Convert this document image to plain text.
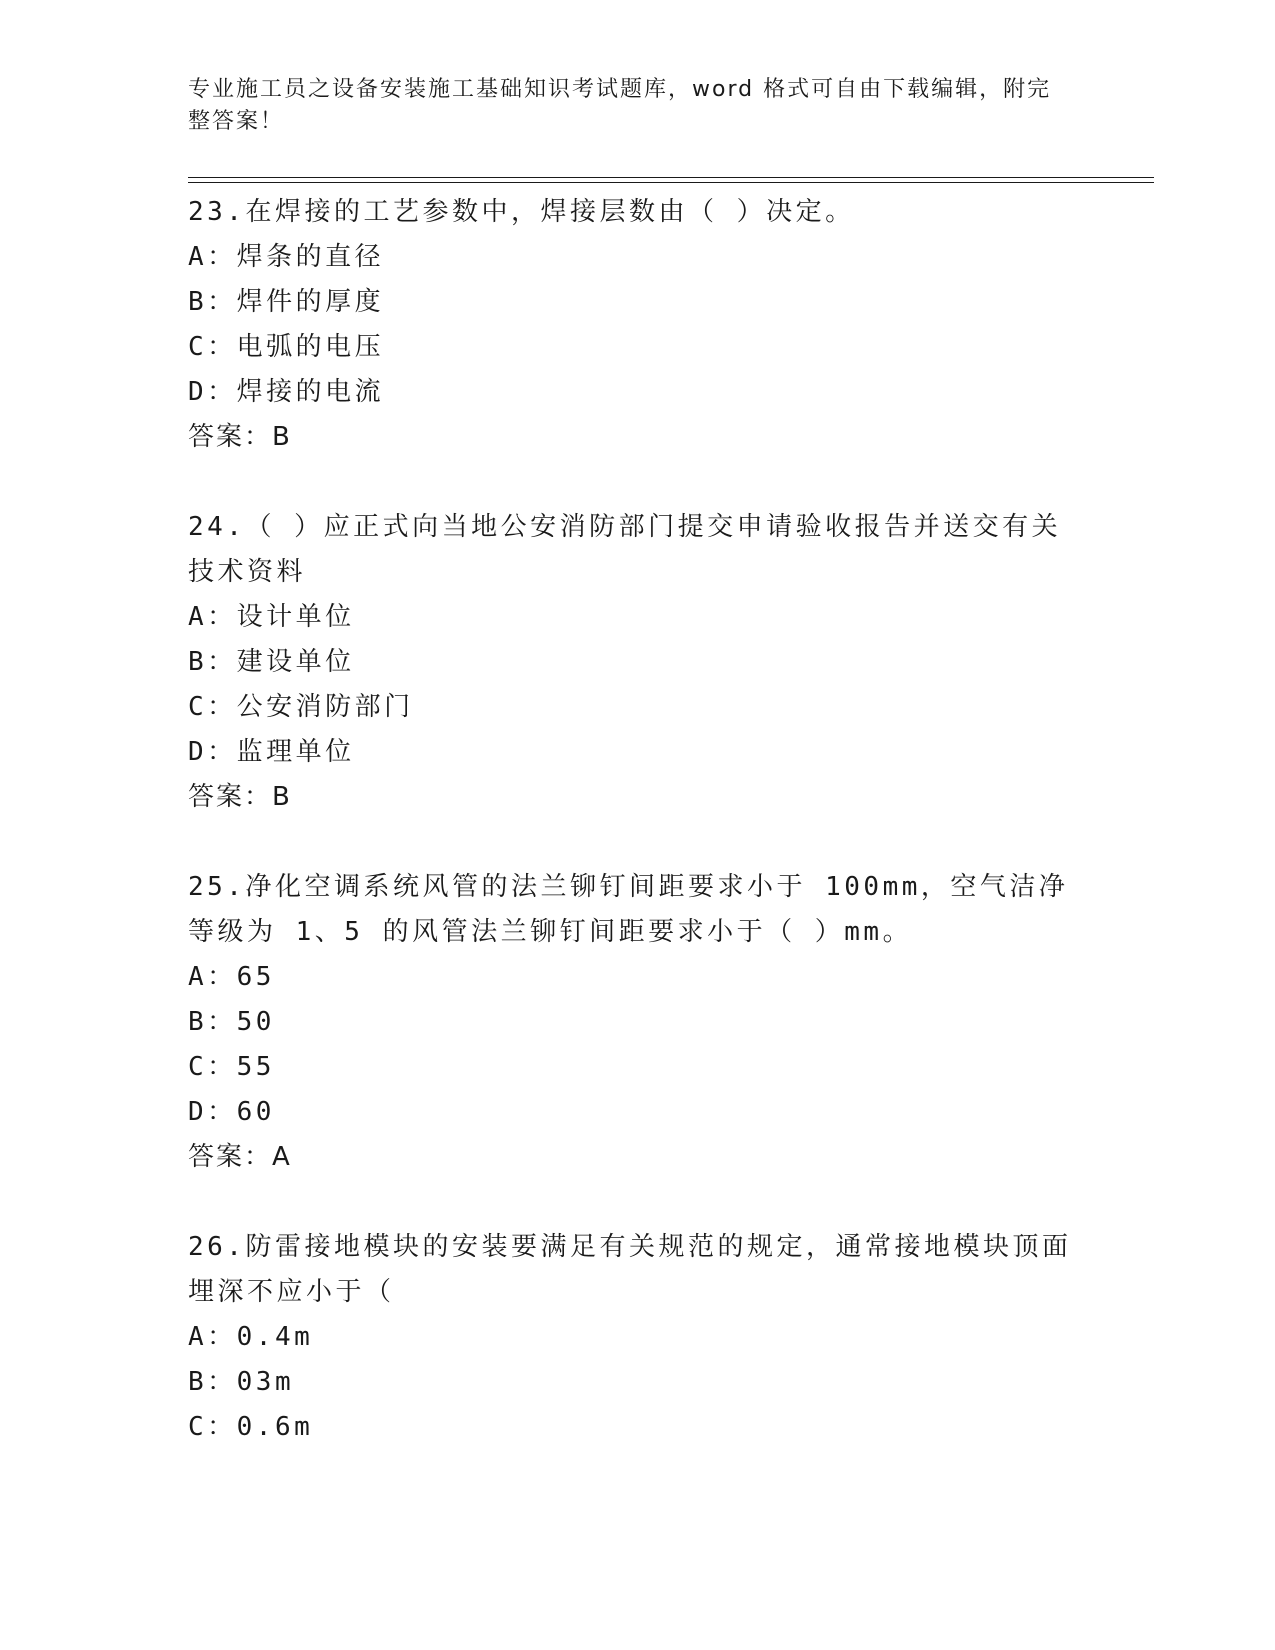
专业施工员之设备安装施工基础知识考试题库，word 格式可自由下载编辑，附完整答案！

23.在焊接的工艺参数中，焊接层数由（ ）决定。

A：焊条的直径

B：焊件的厚度

C：电弧的电压

D：焊接的电流

答案：B

24.（ ）应正式向当地公安消防部门提交申请验收报告并送交有关技术资料

A：设计单位

B：建设单位

C：公安消防部门

D：监理单位

答案：B

25.净化空调系统风管的法兰铆钉间距要求小于 100mm，空气洁净等级为 1、5 的风管法兰铆钉间距要求小于（ ）mm。

A：65

B：50

C：55

D：60

答案：A

26.防雷接地模块的安装要满足有关规范的规定，通常接地模块顶面埋深不应小于（

A：0.4m

B：03m

C：0.6m
